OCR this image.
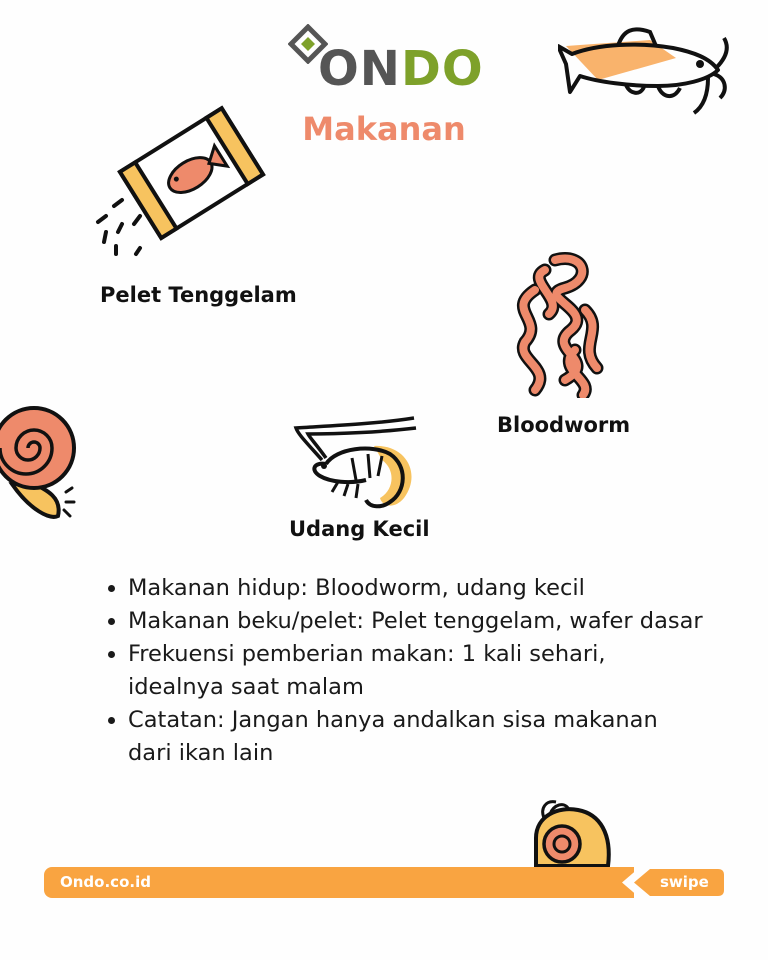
ONDO
Makanan
Pelet Tenggelam
Bloodworm
Udang Kecil
• Makanan hidup: Bloodworm, udang kecil
• Makanan beku/pelet: Pelet tenggelam, wafer dasar
• Frekuensi pemberian makan: 1 kali sehari, idealnya saat malam
• Catatan: Jangan hanya andalkan sisa makanan dari ikan lain
Ondo.co.id	swipe
